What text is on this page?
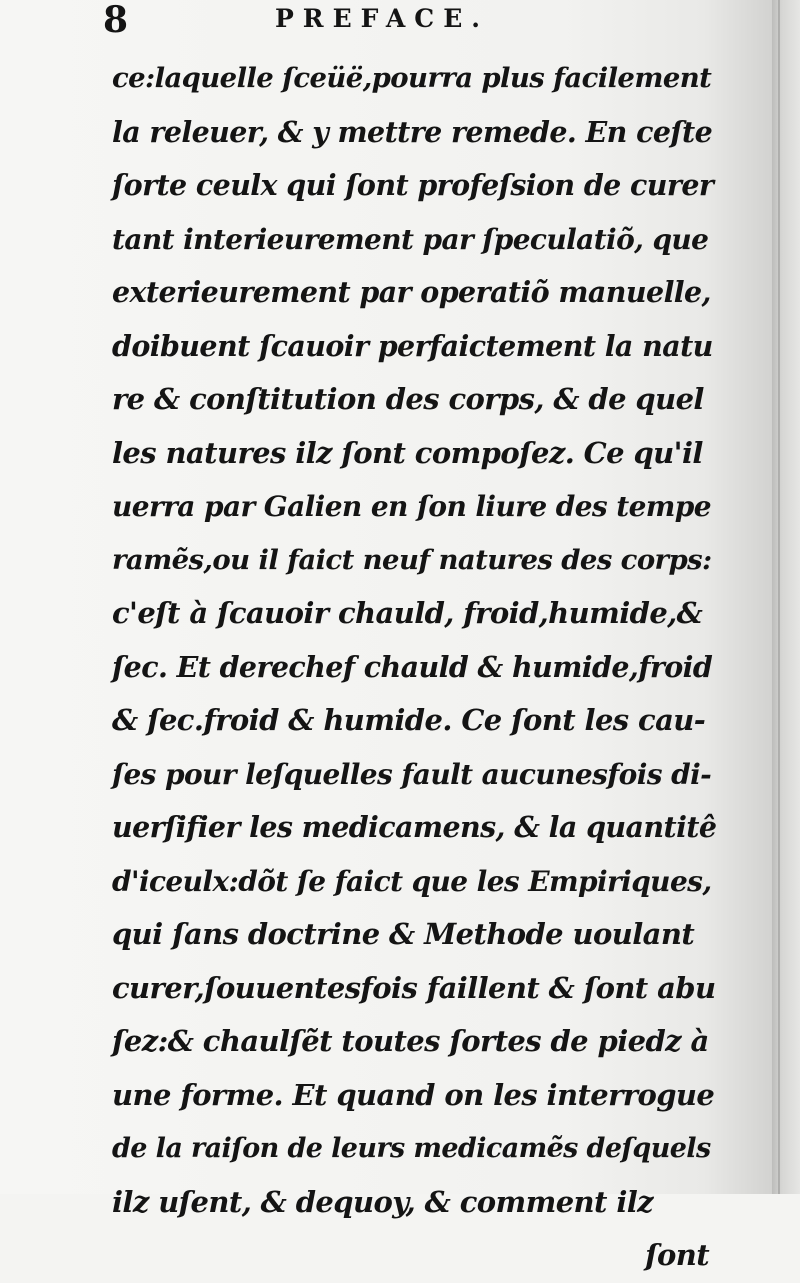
8	PREFACE.
ce:laquelle ſceüë,pourra plus facilement
la releuer, & y mettre remede. En ceſte
ſorte ceulx qui ſont profeſsion de curer
tant interieurement par ſpeculatiõ, que
exterieurement par operatiõ manuelle,
doibuent ſcauoir perfaictement la natu
re & conſtitution des corps, & de quel
les natures ilz ſont compoſez. Ce qu'il
uerra par Galien en ſon liure des tempe
ramẽs,ou il faict neuf natures des corps:
c'eſt à ſcauoir chauld, froid,humide,&
ſec. Et derechef chauld & humide,froid
& ſec.froid & humide. Ce ſont les cau-
ſes pour leſquelles fault aucunesfois di-
uerſifier les medicamens, & la quantitê
d'iceulx:dõt ſe faict que les Empiriques,
qui ſans doctrine & Methode uoulant
curer,ſouuentesfois faillent & ſont abu
ſez:& chaulſẽt toutes ſortes de piedz à
une forme. Et quand on les interrogue
de la raiſon de leurs medicamẽs deſquels
ilz uſent, & dequoy, & comment ilz
ſont
